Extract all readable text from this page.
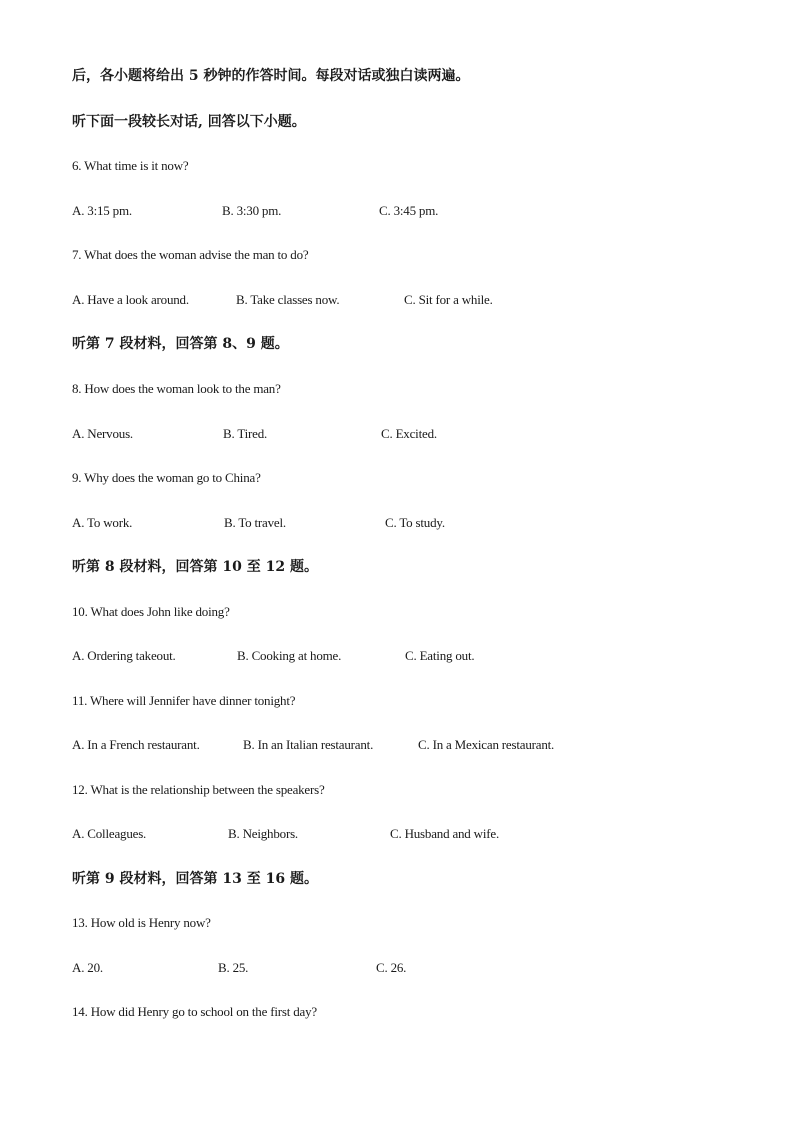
后，各小题将给出 5 秒钟的作答时间。每段对话或独白读两遍。
听下面一段较长对话, 回答以下小题。
6. What time is it now?
A. 3:15 pm.	B. 3:30 pm.	C. 3:45 pm.
7. What does the woman advise the man to do?
A. Have a look around.	B. Take classes now.	C. Sit for a while.
听第 7 段材料，回答第 8、9 题。
8. How does the woman look to the man?
A. Nervous.	B. Tired.	C. Excited.
9. Why does the woman go to China?
A. To work.	B. To travel.	C. To study.
听第 8 段材料，回答第 10 至 12 题。
10. What does John like doing?
A. Ordering takeout.	B. Cooking at home.	C. Eating out.
11. Where will Jennifer have dinner tonight?
A. In a French restaurant.	B. In an Italian restaurant.	C. In a Mexican restaurant.
12. What is the relationship between the speakers?
A. Colleagues.	B. Neighbors.	C. Husband and wife.
听第 9 段材料，回答第 13 至 16 题。
13. How old is Henry now?
A. 20.	B. 25.	C. 26.
14. How did Henry go to school on the first day?
